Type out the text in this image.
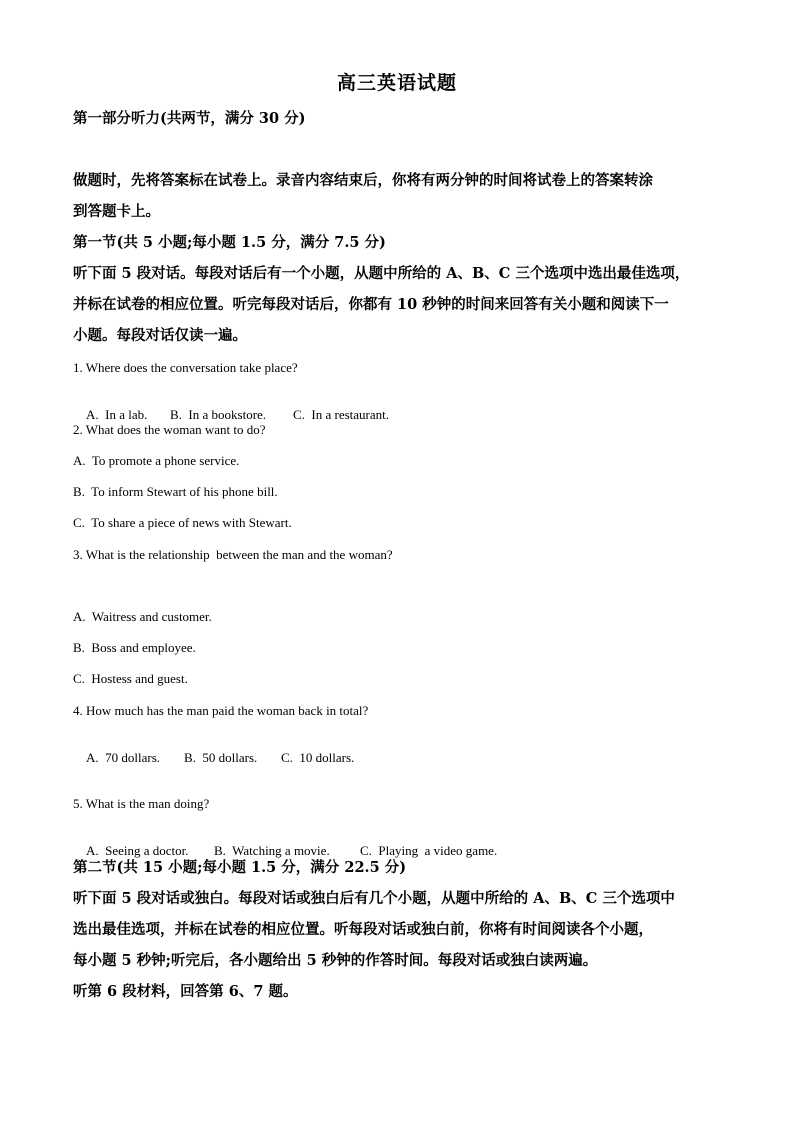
高三英语试题
第一部分听力(共两节，满分 30 分)
做题时，先将答案标在试卷上。录音内容结束后，你将有两分钟的时间将试卷上的答案转涂
到答题卡上。
第一节(共 5 小题;每小题 1.5 分，满分 7.5 分)
听下面 5 段对话。每段对话后有一个小题，从题中所给的 A、B、C 三个选项中选出最佳选项，
并标在试卷的相应位置。听完每段对话后，你都有 10 秒钟的时间来回答有关小题和阅读下一
小题。每段对话仅读一遍。
1. Where does the conversation take place?

A.  In a lab. B.  In a bookstore. C.  In a restaurant.

2. What does the woman want to do?
A.  To promote a phone service.
B.  To inform Stewart of his phone bill.
C.  To share a piece of news with Stewart.
3. What is the relationship  between the man and the woman?
A.  Waitress and customer.
B.  Boss and employee.
C.  Hostess and guest.
4. How much has the man paid the woman back in total?

A.  70 dollars. B.  50 dollars. C.  10 dollars.

5. What is the man doing?

A.  Seeing a doctor. B.  Watching a movie. C.  Playing  a video game.

第二节(共 15 小题;每小题 1.5 分，满分 22.5 分)
听下面 5 段对话或独白。每段对话或独白后有几个小题，从题中所给的 A、B、C 三个选项中
选出最佳选项，并标在试卷的相应位置。听每段对话或独白前，你将有时间阅读各个小题，
每小题 5 秒钟;听完后，各小题给出 5 秒钟的作答时间。每段对话或独白读两遍。
听第 6 段材料，回答第 6、7 题。
